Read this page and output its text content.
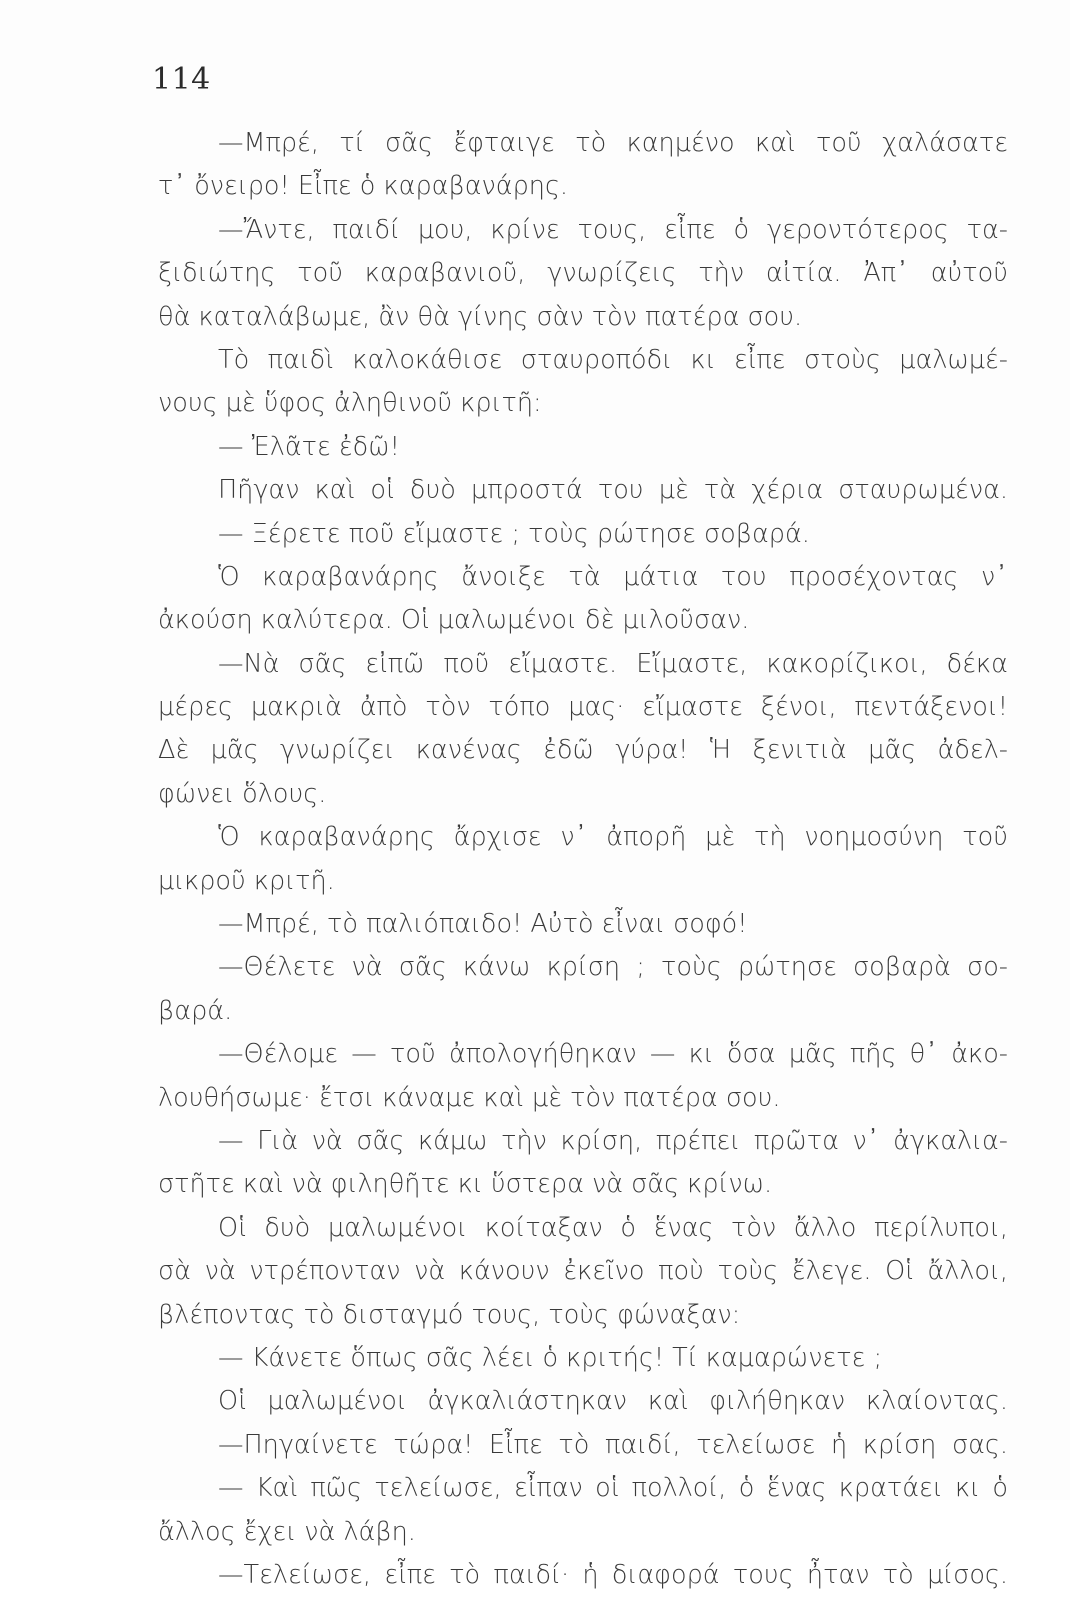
114
—Μπρέ, τί σᾶς ἔφταιγε τὸ καημένο καὶ τοῦ χαλάσατε
τ᾽ ὄνειρο! Εἶπε ὁ καραβανάρης.
—Ἄντε, παιδί μου, κρίνε τους, εἶπε ὁ γεροντότερος τα-
ξιδιώτης τοῦ καραβανιοῦ, γνωρίζεις τὴν αἰτία. Ἀπ᾽ αὐτοῦ
θὰ καταλάβωμε, ἂν θὰ γίνης σὰν τὸν πατέρα σου.
Τὸ παιδὶ καλοκάθισε σταυροπόδι κι εἶπε στοὺς μαλωμέ-
νους μὲ ὕφος ἀληθινοῦ κριτῆ:
— Ἐλᾶτε ἐδῶ!
Πῆγαν καὶ οἱ δυὸ μπροστά του μὲ τὰ χέρια σταυρωμένα.
— Ξέρετε ποῦ εἴμαστε ; τοὺς ρώτησε σοβαρά.
Ὁ καραβανάρης ἄνοιξε τὰ μάτια του προσέχοντας ν᾽
ἀκούση καλύτερα. Οἱ μαλωμένοι δὲ μιλοῦσαν.
—Νὰ σᾶς εἰπῶ ποῦ εἴμαστε. Εἴμαστε, κακορίζικοι, δέκα
μέρες μακριὰ ἀπὸ τὸν τόπο μας· εἴμαστε ξένοι, πεντάξενοι!
Δὲ μᾶς γνωρίζει κανένας ἐδῶ γύρα! Ἡ ξενιτιὰ μᾶς ἀδελ-
φώνει ὅλους.
Ὁ καραβανάρης ἄρχισε ν᾽ ἀπορῆ μὲ τὴ νοημοσύνη τοῦ
μικροῦ κριτῆ.
—Μπρέ, τὸ παλιόπαιδο! Αὐτὸ εἶναι σοφό!
—Θέλετε νὰ σᾶς κάνω κρίση ; τοὺς ρώτησε σοβαρὰ σο-
βαρά.
—Θέλομε — τοῦ ἀπολογήθηκαν — κι ὅσα μᾶς πῆς θ᾽ ἀκο-
λουθήσωμε· ἔτσι κάναμε καὶ μὲ τὸν πατέρα σου.
— Γιὰ νὰ σᾶς κάμω τὴν κρίση, πρέπει πρῶτα ν᾽ ἀγκαλια-
στῆτε καὶ νὰ φιληθῆτε κι ὕστερα νὰ σᾶς κρίνω.
Οἱ δυὸ μαλωμένοι κοίταξαν ὁ ἕνας τὸν ἄλλο περίλυποι,
σὰ νὰ ντρέπονταν νὰ κάνουν ἐκεῖνο ποὺ τοὺς ἔλεγε. Οἱ ἄλλοι,
βλέποντας τὸ δισταγμό τους, τοὺς φώναξαν:
— Κάνετε ὅπως σᾶς λέει ὁ κριτής! Τί καμαρώνετε ;
Οἱ μαλωμένοι ἀγκαλιάστηκαν καὶ φιλήθηκαν κλαίοντας.
—Πηγαίνετε τώρα! Εἶπε τὸ παιδί, τελείωσε ἡ κρίση σας.
— Καὶ πῶς τελείωσε, εἶπαν οἱ πολλοί, ὁ ἕνας κρατάει κι ὁ
ἄλλος ἔχει νὰ λάβη.
—Τελείωσε, εἶπε τὸ παιδί· ἡ διαφορά τους ἦταν τὸ μίσος.
